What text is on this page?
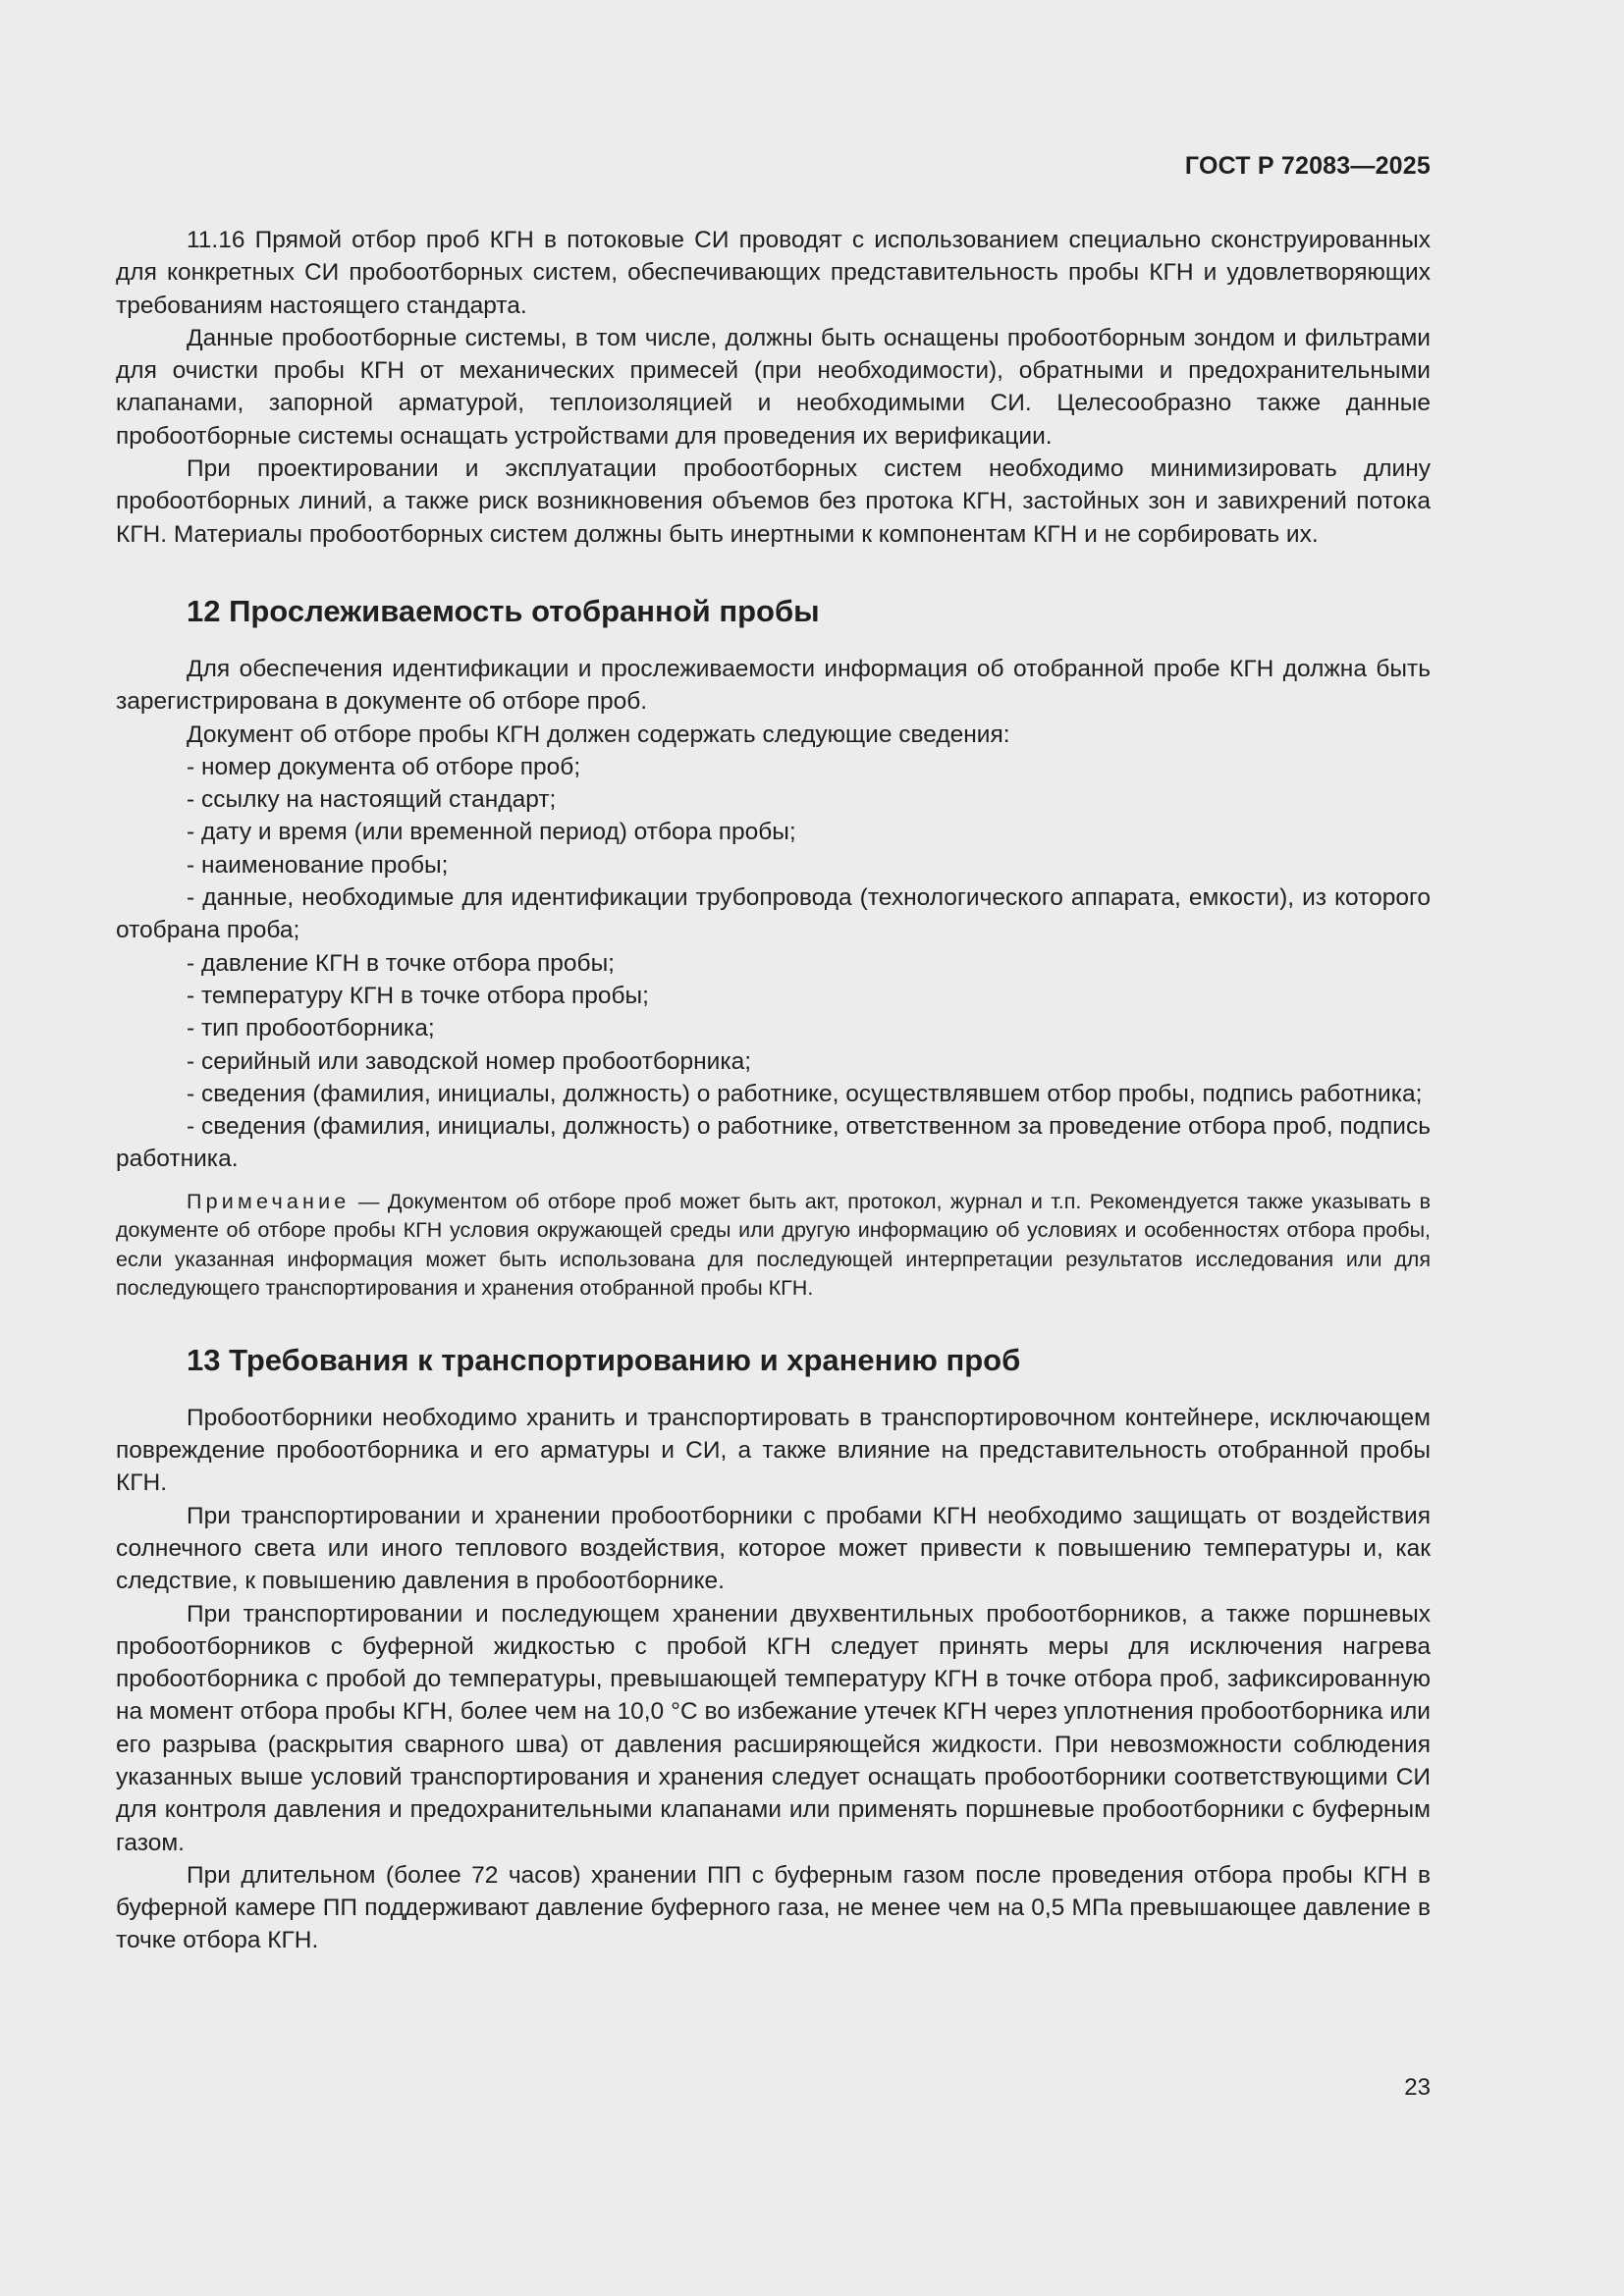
ГОСТ Р 72083—2025

11.16 Прямой отбор проб КГН в потоковые СИ проводят с использованием специально сконструированных для конкретных СИ пробоотборных систем, обеспечивающих представительность пробы КГН и удовлетворяющих требованиям настоящего стандарта.

Данные пробоотборные системы, в том числе, должны быть оснащены пробоотборным зондом и фильтрами для очистки пробы КГН от механических примесей (при необходимости), обратными и предохранительными клапанами, запорной арматурой, теплоизоляцией и необходимыми СИ. Целесообразно также данные пробоотборные системы оснащать устройствами для проведения их верификации.

При проектировании и эксплуатации пробоотборных систем необходимо минимизировать длину пробоотборных линий, а также риск возникновения объемов без протока КГН, застойных зон и завихрений потока КГН. Материалы пробоотборных систем должны быть инертными к компонентам КГН и не сорбировать их.

12 Прослеживаемость отобранной пробы

Для обеспечения идентификации и прослеживаемости информация об отобранной пробе КГН должна быть зарегистрирована в документе об отборе проб.

Документ об отборе пробы КГН должен содержать следующие сведения:

- номер документа об отборе проб;

- ссылку на настоящий стандарт;

- дату и время (или временной период) отбора пробы;

- наименование пробы;

- данные, необходимые для идентификации трубопровода (технологического аппарата, емкости), из которого отобрана проба;

- давление КГН в точке отбора пробы;

- температуру КГН в точке отбора пробы;

- тип пробоотборника;

- серийный или заводской номер пробоотборника;

- сведения (фамилия, инициалы, должность) о работнике, осуществлявшем отбор пробы, подпись работника;

- сведения (фамилия, инициалы, должность) о работнике, ответственном за проведение отбора проб, подпись работника.

Примечание — Документом об отборе проб может быть акт, протокол, журнал и т.п. Рекомендуется также указывать в документе об отборе пробы КГН условия окружающей среды или другую информацию об условиях и особенностях отбора пробы, если указанная информация может быть использована для последующей интерпретации результатов исследования или для последующего транспортирования и хранения отобранной пробы КГН.

13 Требования к транспортированию и хранению проб

Пробоотборники необходимо хранить и транспортировать в транспортировочном контейнере, исключающем повреждение пробоотборника и его арматуры и СИ, а также влияние на представительность отобранной пробы КГН.

При транспортировании и хранении пробоотборники с пробами КГН необходимо защищать от воздействия солнечного света или иного теплового воздействия, которое может привести к повышению температуры и, как следствие, к повышению давления в пробоотборнике.

При транспортировании и последующем хранении двухвентильных пробоотборников, а также поршневых пробоотборников с буферной жидкостью с пробой КГН следует принять меры для исключения нагрева пробоотборника с пробой до температуры, превышающей температуру КГН в точке отбора проб, зафиксированную на момент отбора пробы КГН, более чем на 10,0 °С во избежание утечек КГН через уплотнения пробоотборника или его разрыва (раскрытия сварного шва) от давления расширяющейся жидкости. При невозможности соблюдения указанных выше условий транспортирования и хранения следует оснащать пробоотборники соответствующими СИ для контроля давления и предохранительными клапанами или применять поршневые пробоотборники с буферным газом.

При длительном (более 72 часов) хранении ПП с буферным газом после проведения отбора пробы КГН в буферной камере ПП поддерживают давление буферного газа, не менее чем на 0,5 МПа превышающее давление в точке отбора КГН.

23
